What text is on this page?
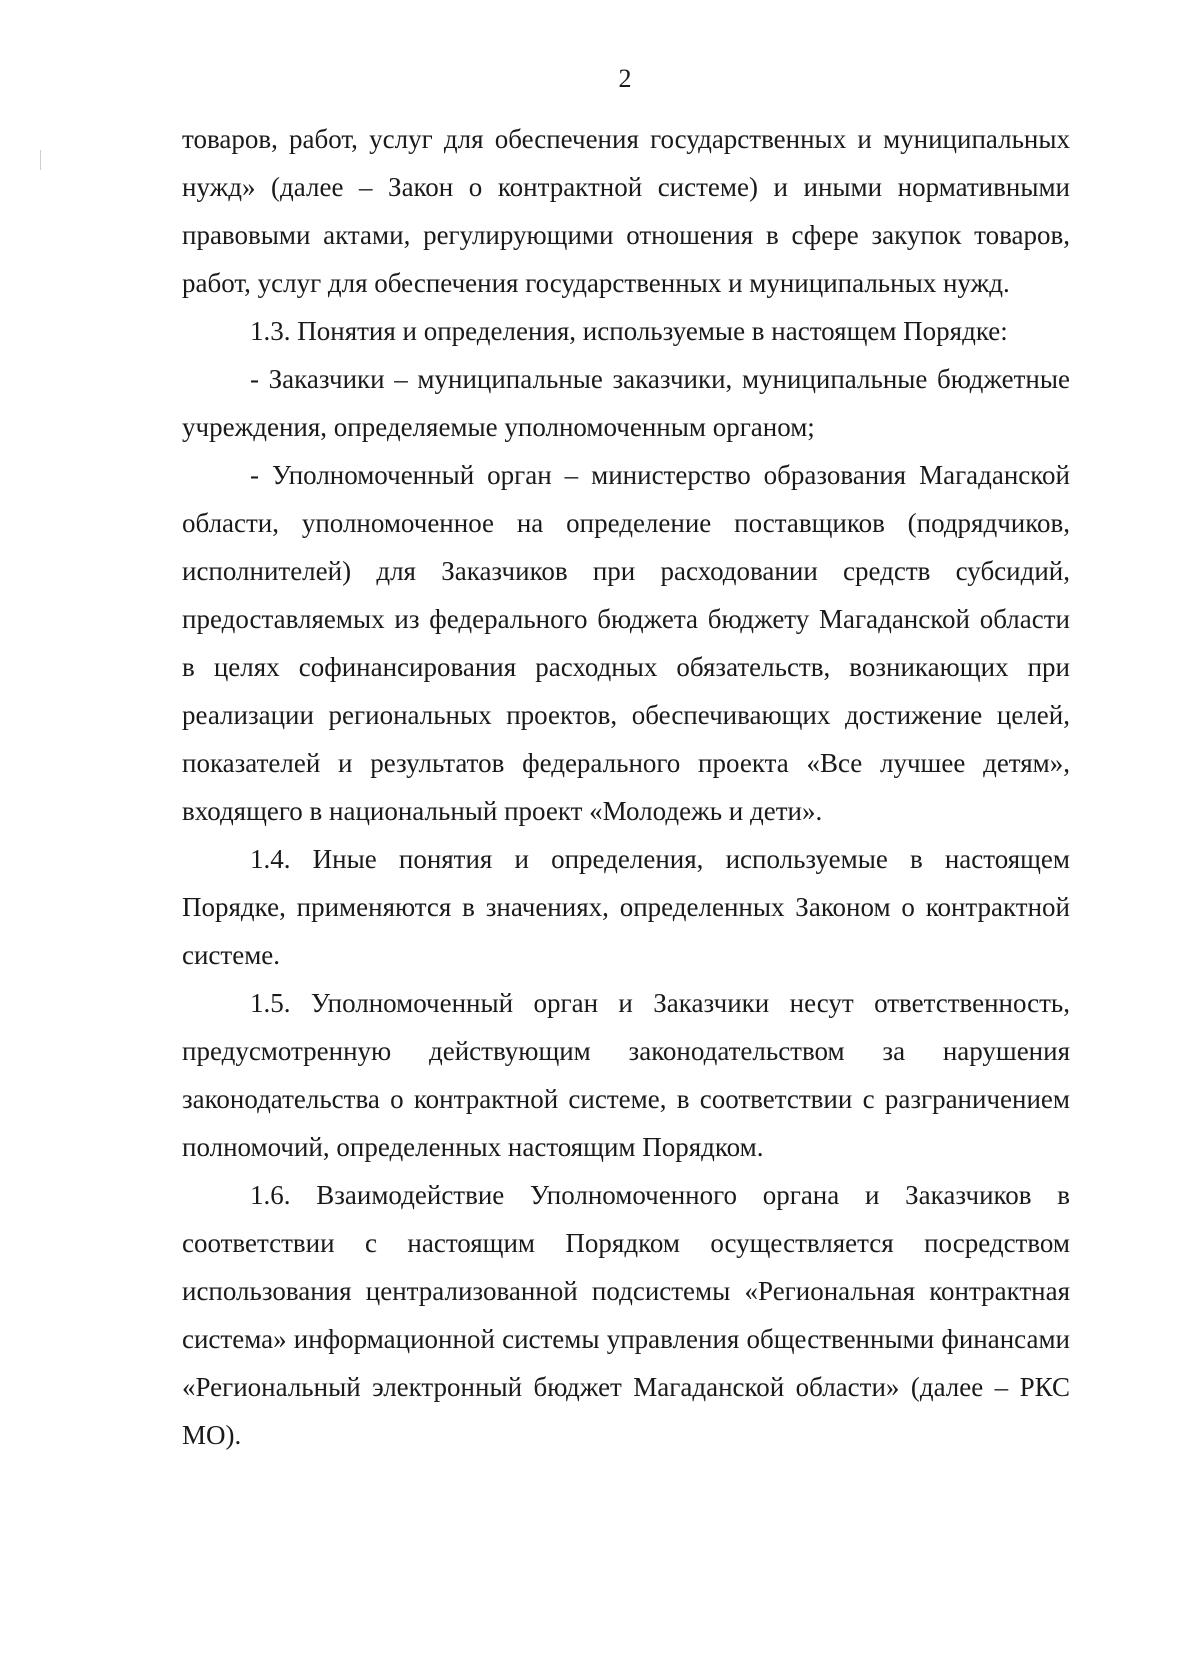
2

товаров, работ, услуг для обеспечения государственных и муниципальных нужд» (далее – Закон о контрактной системе) и иными нормативными правовыми актами, регулирующими отношения в сфере закупок товаров, работ, услуг для обеспечения государственных и муниципальных нужд.

1.3. Понятия и определения, используемые в настоящем Порядке:

- Заказчики – муниципальные заказчики, муниципальные бюджетные учреждения, определяемые уполномоченным органом;

- Уполномоченный орган – министерство образования Магаданской области, уполномоченное на определение поставщиков (подрядчиков, исполнителей) для Заказчиков при расходовании средств субсидий, предоставляемых из федерального бюджета бюджету Магаданской области в целях софинансирования расходных обязательств, возникающих при реализации региональных проектов, обеспечивающих достижение целей, показателей и результатов федерального проекта «Все лучшее детям», входящего в национальный проект «Молодежь и дети».

1.4. Иные понятия и определения, используемые в настоящем Порядке, применяются в значениях, определенных Законом о контрактной системе.

1.5. Уполномоченный орган и Заказчики несут ответственность, предусмотренную действующим законодательством за нарушения законодательства о контрактной системе, в соответствии с разграничением полномочий, определенных настоящим Порядком.

1.6. Взаимодействие Уполномоченного органа и Заказчиков в соответствии с настоящим Порядком осуществляется посредством использования централизованной подсистемы «Региональная контрактная система» информационной системы управления общественными финансами «Региональный электронный бюджет Магаданской области» (далее – РКС МО).
